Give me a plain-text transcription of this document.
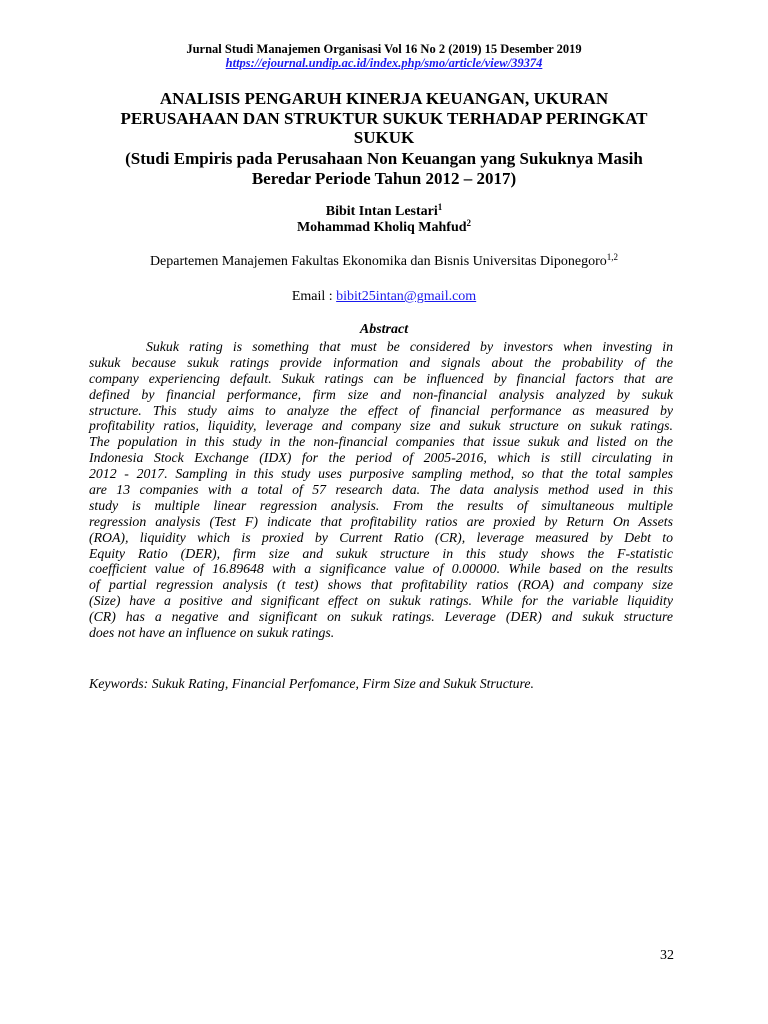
Jurnal Studi Manajemen Organisasi Vol 16 No 2 (2019) 15 Desember 2019
https://ejournal.undip.ac.id/index.php/smo/article/view/39374
ANALISIS PENGARUH KINERJA KEUANGAN, UKURAN
PERUSAHAAN DAN STRUKTUR SUKUK TERHADAP PERINGKAT
SUKUK
(Studi Empiris pada Perusahaan Non Keuangan yang Sukuknya Masih
Beredar Periode Tahun 2012 – 2017)
Bibit Intan Lestari$^1$
Mohammad Kholiq Mahfud$^2$
Departemen Manajemen Fakultas Ekonomika dan Bisnis Universitas Diponegoro$^{1,2}$
Email : bibit25intan@gmail.com
Abstract
Sukuk rating is something that must be considered by investors when investing in
sukuk because sukuk ratings provide information and signals about the probability of the
company experiencing default. Sukuk ratings can be influenced by financial factors that are
defined by financial performance, firm size and non-financial analysis analyzed by sukuk
structure. This study aims to analyze the effect of financial performance as measured by
profitability ratios, liquidity, leverage and company size and sukuk structure on sukuk ratings.
The population in this study in the non-financial companies that issue sukuk and listed on the
Indonesia Stock Exchange (IDX) for the period of 2005-2016, which is still circulating in
2012 - 2017. Sampling in this study uses purposive sampling method, so that the total samples
are 13 companies with a total of 57 research data. The data analysis method used in this
study is multiple linear regression analysis. From the results of simultaneous multiple
regression analysis (Test F) indicate that profitability ratios are proxied by Return On Assets
(ROA), liquidity which is proxied by Current Ratio (CR), leverage measured by Debt to
Equity Ratio (DER), firm size and sukuk structure in this study shows the F-statistic
coefficient value of 16.89648 with a significance value of 0.00000. While based on the results
of partial regression analysis (t test) shows that profitability ratios (ROA) and company size
(Size) have a positive and significant effect on sukuk ratings. While for the variable liquidity
(CR) has a negative and significant on sukuk ratings. Leverage (DER) and sukuk structure
does not have an influence on sukuk ratings.
Keywords: Sukuk Rating, Financial Perfomance, Firm Size and Sukuk Structure.
32
